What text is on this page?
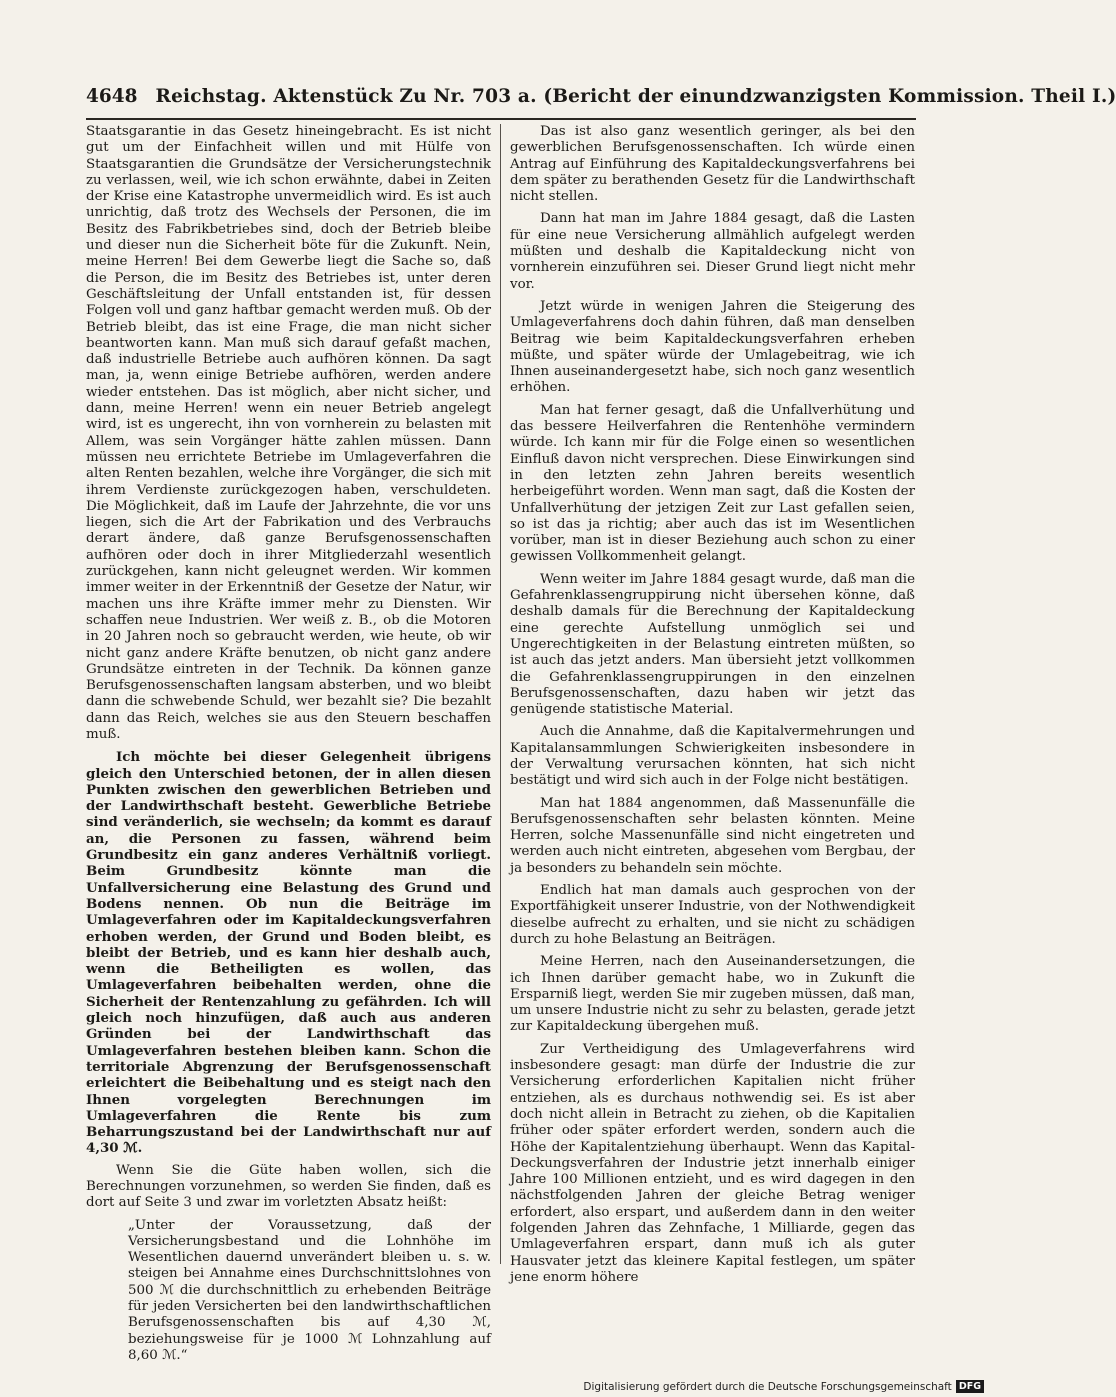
4648 Reichstag. Aktenstück Zu Nr. 703 a. (Bericht der einundzwanzigsten Kommission. Theil I.)

Staatsgarantie in das Gesetz hineingebracht. Es ist nicht gut um der Einfachheit willen und mit Hülfe von Staatsgarantien die Grundsätze der Versicherungstechnik zu verlassen, weil, wie ich schon erwähnte, dabei in Zeiten der Krise eine Katastrophe unvermeidlich wird. Es ist auch unrichtig, daß trotz des Wechsels der Personen, die im Besitz des Fabrikbetriebes sind, doch der Betrieb bleibe und dieser nun die Sicherheit böte für die Zukunft. Nein, meine Herren! Bei dem Gewerbe liegt die Sache so, daß die Person, die im Besitz des Betriebes ist, unter deren Geschäftsleitung der Unfall entstanden ist, für dessen Folgen voll und ganz haftbar gemacht werden muß. Ob der Betrieb bleibt, das ist eine Frage, die man nicht sicher beantworten kann. Man muß sich darauf gefaßt machen, daß industrielle Betriebe auch aufhören können. Da sagt man, ja, wenn einige Betriebe aufhören, werden andere wieder entstehen. Das ist möglich, aber nicht sicher, und dann, meine Herren! wenn ein neuer Betrieb angelegt wird, ist es ungerecht, ihn von vornherein zu belasten mit Allem, was sein Vorgänger hätte zahlen müssen. Dann müssen neu errichtete Betriebe im Umlageverfahren die alten Renten bezahlen, welche ihre Vorgänger, die sich mit ihrem Verdienste zurückgezogen haben, verschuldeten. Die Möglichkeit, daß im Laufe der Jahrzehnte, die vor uns liegen, sich die Art der Fabrikation und des Verbrauchs derart ändere, daß ganze Berufsgenossenschaften aufhören oder doch in ihrer Mitgliederzahl wesentlich zurückgehen, kann nicht geleugnet werden. Wir kommen immer weiter in der Erkenntniß der Gesetze der Natur, wir machen uns ihre Kräfte immer mehr zu Diensten. Wir schaffen neue Industrien. Wer weiß z. B., ob die Motoren in 20 Jahren noch so gebraucht werden, wie heute, ob wir nicht ganz andere Kräfte benutzen, ob nicht ganz andere Grundsätze eintreten in der Technik. Da können ganze Berufsgenossenschaften langsam absterben, und wo bleibt dann die schwebende Schuld, wer bezahlt sie? Die bezahlt dann das Reich, welches sie aus den Steuern beschaffen muß.

Ich möchte bei dieser Gelegenheit übrigens gleich den Unterschied betonen, der in allen diesen Punkten zwischen den gewerblichen Betrieben und der Landwirthschaft besteht. Gewerbliche Betriebe sind veränderlich, sie wechseln; da kommt es darauf an, die Personen zu fassen, während beim Grundbesitz ein ganz anderes Verhältniß vorliegt. Beim Grundbesitz könnte man die Unfallversicherung eine Belastung des Grund und Bodens nennen. Ob nun die Beiträge im Umlageverfahren oder im Kapitaldeckungsverfahren erhoben werden, der Grund und Boden bleibt, es bleibt der Betrieb, und es kann hier deshalb auch, wenn die Betheiligten es wollen, das Umlageverfahren beibehalten werden, ohne die Sicherheit der Rentenzahlung zu gefährden. Ich will gleich noch hinzufügen, daß auch aus anderen Gründen bei der Landwirthschaft das Umlageverfahren bestehen bleiben kann. Schon die territoriale Abgrenzung der Berufsgenossenschaft erleichtert die Beibehaltung und es steigt nach den Ihnen vorgelegten Berechnungen im Umlageverfahren die Rente bis zum Beharrungszustand bei der Landwirthschaft nur auf 4,30 ℳ.

Wenn Sie die Güte haben wollen, sich die Berechnungen vorzunehmen, so werden Sie finden, daß es dort auf Seite 3 und zwar im vorletzten Absatz heißt:

„Unter der Voraussetzung, daß der Versicherungsbestand und die Lohnhöhe im Wesentlichen dauernd unverändert bleiben u. s. w. steigen bei Annahme eines Durchschnittslohnes von 500 ℳ die durchschnittlich zu erhebenden Beiträge für jeden Versicherten bei den landwirthschaftlichen Berufsgenossenschaften bis auf 4,30 ℳ, beziehungsweise für je 1000 ℳ Lohnzahlung auf 8,60 ℳ.“

Das ist also ganz wesentlich geringer, als bei den gewerblichen Berufsgenossenschaften. Ich würde einen Antrag auf Einführung des Kapitaldeckungsverfahrens bei dem später zu berathenden Gesetz für die Landwirthschaft nicht stellen.

Dann hat man im Jahre 1884 gesagt, daß die Lasten für eine neue Versicherung allmählich aufgelegt werden müßten und deshalb die Kapitaldeckung nicht von vornherein einzuführen sei. Dieser Grund liegt nicht mehr vor.

Jetzt würde in wenigen Jahren die Steigerung des Umlageverfahrens doch dahin führen, daß man denselben Beitrag wie beim Kapitaldeckungsverfahren erheben müßte, und später würde der Umlagebeitrag, wie ich Ihnen auseinandergesetzt habe, sich noch ganz wesentlich erhöhen.

Man hat ferner gesagt, daß die Unfallverhütung und das bessere Heilverfahren die Rentenhöhe vermindern würde. Ich kann mir für die Folge einen so wesentlichen Einfluß davon nicht versprechen. Diese Einwirkungen sind in den letzten zehn Jahren bereits wesentlich herbeigeführt worden. Wenn man sagt, daß die Kosten der Unfallverhütung der jetzigen Zeit zur Last gefallen seien, so ist das ja richtig; aber auch das ist im Wesentlichen vorüber, man ist in dieser Beziehung auch schon zu einer gewissen Vollkommenheit gelangt.

Wenn weiter im Jahre 1884 gesagt wurde, daß man die Gefahrenklassengruppirung nicht übersehen könne, daß deshalb damals für die Berechnung der Kapitaldeckung eine gerechte Aufstellung unmöglich sei und Ungerechtigkeiten in der Belastung eintreten müßten, so ist auch das jetzt anders. Man übersieht jetzt vollkommen die Gefahrenklassengruppirungen in den einzelnen Berufsgenossenschaften, dazu haben wir jetzt das genügende statistische Material.

Auch die Annahme, daß die Kapitalvermehrungen und Kapitalansammlungen Schwierigkeiten insbesondere in der Verwaltung verursachen könnten, hat sich nicht bestätigt und wird sich auch in der Folge nicht bestätigen.

Man hat 1884 angenommen, daß Massenunfälle die Berufsgenossenschaften sehr belasten könnten. Meine Herren, solche Massenunfälle sind nicht eingetreten und werden auch nicht eintreten, abgesehen vom Bergbau, der ja besonders zu behandeln sein möchte.

Endlich hat man damals auch gesprochen von der Exportfähigkeit unserer Industrie, von der Nothwendigkeit dieselbe aufrecht zu erhalten, und sie nicht zu schädigen durch zu hohe Belastung an Beiträgen.

Meine Herren, nach den Auseinandersetzungen, die ich Ihnen darüber gemacht habe, wo in Zukunft die Ersparniß liegt, werden Sie mir zugeben müssen, daß man, um unsere Industrie nicht zu sehr zu belasten, gerade jetzt zur Kapitaldeckung übergehen muß.

Zur Vertheidigung des Umlageverfahrens wird insbesondere gesagt: man dürfe der Industrie die zur Versicherung erforderlichen Kapitalien nicht früher entziehen, als es durchaus nothwendig sei. Es ist aber doch nicht allein in Betracht zu ziehen, ob die Kapitalien früher oder später erfordert werden, sondern auch die Höhe der Kapitalentziehung überhaupt. Wenn das Kapital-Deckungsverfahren der Industrie jetzt innerhalb einiger Jahre 100 Millionen entzieht, und es wird dagegen in den nächstfolgenden Jahren der gleiche Betrag weniger erfordert, also erspart, und außerdem dann in den weiter folgenden Jahren das Zehnfache, 1 Milliarde, gegen das Umlageverfahren erspart, dann muß ich als guter Hausvater jetzt das kleinere Kapital festlegen, um später jene enorm höhere

Digitalisierung gefördert durch die Deutsche Forschungsgemeinschaft DFG
